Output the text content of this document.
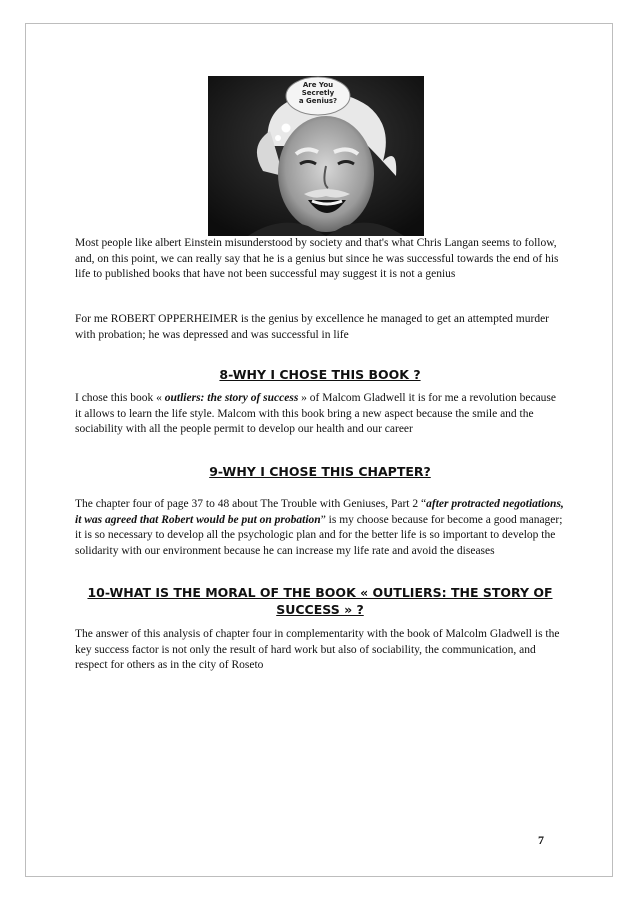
Are You
Secretly
a Genius?

Most people like albert Einstein misunderstood by society and that's what Chris Langan seems to follow, and, on this point, we can really say that he is a genius but since he was successful towards the end of his life to published books that have not been successful may suggest it is not a genius

For me ROBERT OPPERHEIMER is the genius by excellence he managed to get an attempted murder with probation; he was depressed and was successful in life

8-WHY I CHOSE THIS BOOK ?

I chose this book « outliers: the story of success » of Malcom Gladwell it is for me a revolution because it allows to learn the life style. Malcom with this book bring a new aspect because the smile and the sociability with all the people permit to develop our health and our career

9-WHY I CHOSE THIS CHAPTER?

The chapter four of page 37 to 48 about The Trouble with Geniuses, Part 2 “after protracted negotiations, it was agreed that Robert would be put on probation” is my choose because for become a good manager; it is so necessary to develop all the psychologic plan and for the better life is so important to develop the solidarity with our environment because he can increase my life rate and avoid the diseases

10-WHAT IS THE MORAL OF THE BOOK « OUTLIERS: THE STORY OF
SUCCESS » ?

The answer of this analysis of chapter four in complementarity with the book of Malcolm Gladwell is the key success factor is not only the result of hard work but also of sociability, the communication, and respect for others as in the city of Roseto

7
